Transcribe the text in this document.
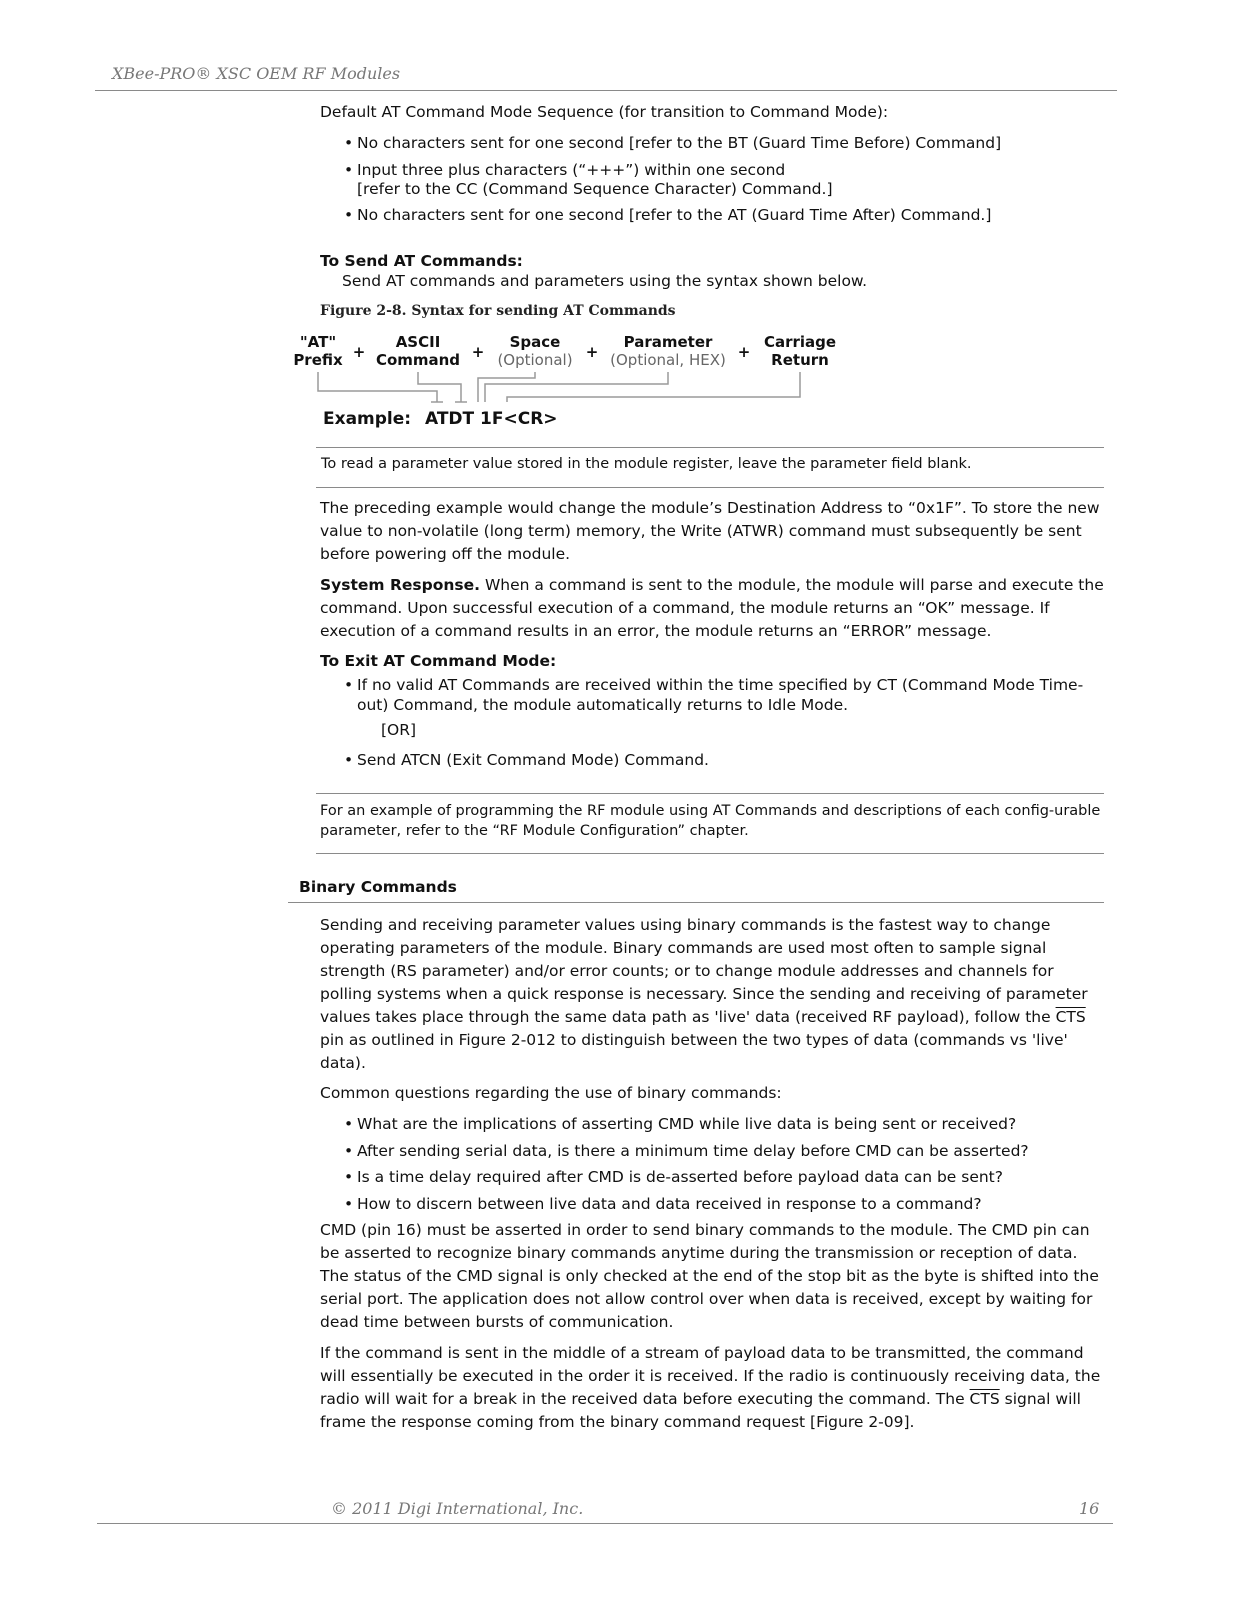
XBee-PRO® XSC OEM RF Modules
Default AT Command Mode Sequence (for transition to Command Mode):
• No characters sent for one second [refer to the BT (Guard Time Before) Command]
• Input three plus characters (“+++”) within one second
[refer to the CC (Command Sequence Character) Command.]
• No characters sent for one second [refer to the AT (Guard Time After) Command.]
To Send AT Commands:
Send AT commands and parameters using the syntax shown below.
Figure 2-8. Syntax for sending AT Commands
"AT"
Prefix +
ASCII
Command +
Space
(Optional) +
Parameter
(Optional, HEX) +
Carriage
Return
Example: ATDT 1F<CR>
To read a parameter value stored in the module register, leave the parameter field blank.
The preceding example would change the module’s Destination Address to “0x1F”. To store the new value to non-volatile (long term) memory, the Write (ATWR) command must subsequently be sent before powering off the module.
System Response. When a command is sent to the module, the module will parse and execute the command. Upon successful execution of a command, the module returns an “OK” message. If execution of a command results in an error, the module returns an “ERROR” message.
To Exit AT Command Mode:
• If no valid AT Commands are received within the time specified by CT (Command Mode Time-out) Command, the module automatically returns to Idle Mode.
[OR]
• Send ATCN (Exit Command Mode) Command.
For an example of programming the RF module using AT Commands and descriptions of each config-urable parameter, refer to the “RF Module Configuration” chapter.
Binary Commands
Sending and receiving parameter values using binary commands is the fastest way to change operating parameters of the module. Binary commands are used most often to sample signal strength (RS parameter) and/or error counts; or to change module addresses and channels for polling systems when a quick response is necessary. Since the sending and receiving of parameter values takes place through the same data path as 'live' data (received RF payload), follow the $\overline{CTS}$ pin as outlined in Figure 2-012 to distinguish between the two types of data (commands vs 'live' data).
Common questions regarding the use of binary commands:
• What are the implications of asserting CMD while live data is being sent or received?
• After sending serial data, is there a minimum time delay before CMD can be asserted?
• Is a time delay required after CMD is de-asserted before payload data can be sent?
• How to discern between live data and data received in response to a command?
CMD (pin 16) must be asserted in order to send binary commands to the module. The CMD pin can be asserted to recognize binary commands anytime during the transmission or reception of data. The status of the CMD signal is only checked at the end of the stop bit as the byte is shifted into the serial port. The application does not allow control over when data is received, except by waiting for dead time between bursts of communication.
If the command is sent in the middle of a stream of payload data to be transmitted, the command will essentially be executed in the order it is received. If the radio is continuously receiving data, the radio will wait for a break in the received data before executing the command. The $\overline{CTS}$ signal will frame the response coming from the binary command request [Figure 2-09].
© 2011 Digi International, Inc.	16
